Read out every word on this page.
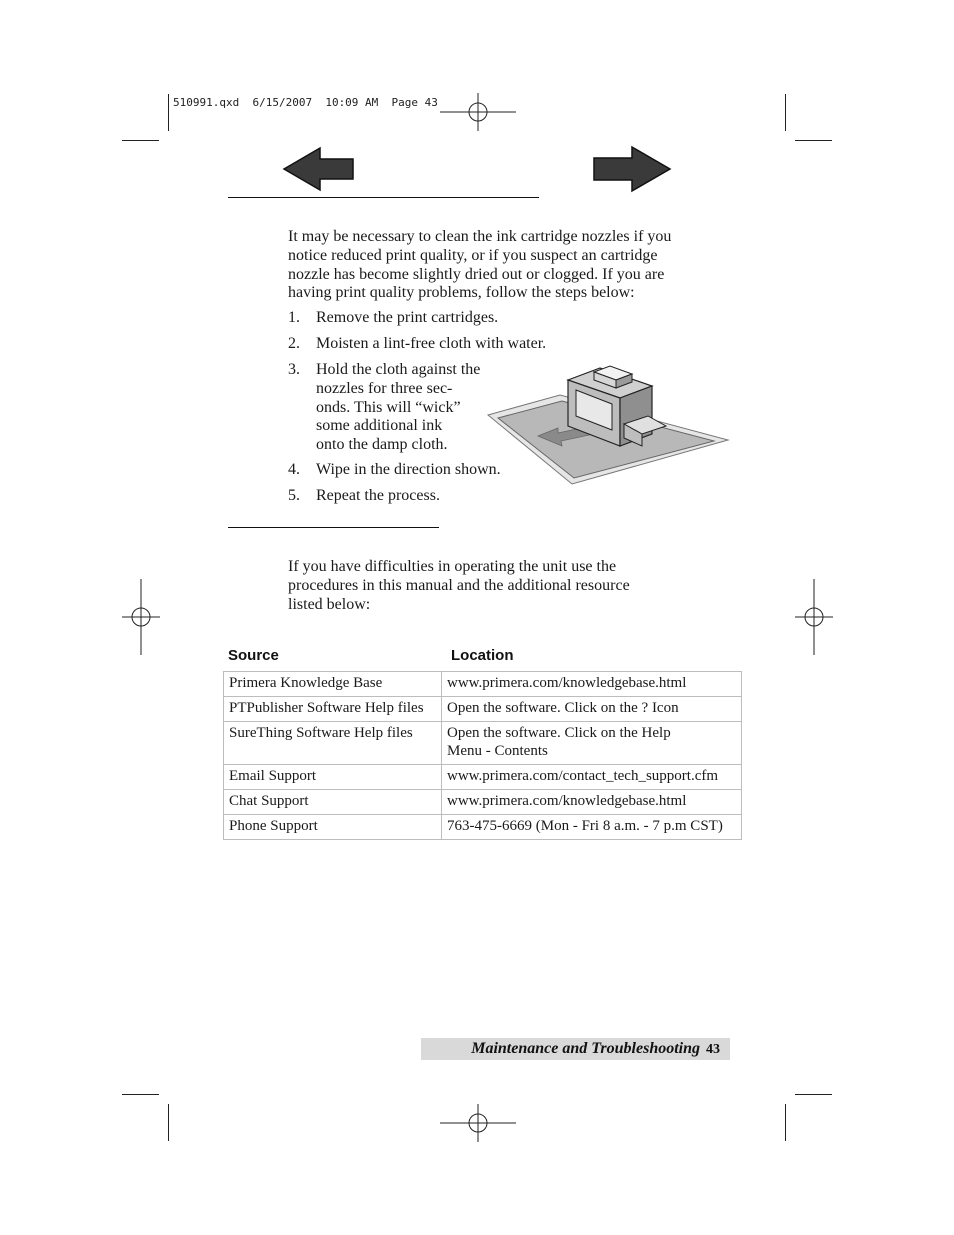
510991.qxd  6/15/2007  10:09 AM  Page 43
It may be necessary to clean the ink cartridge nozzles if you
notice reduced print quality, or if you suspect an cartridge
nozzle has become slightly dried out or clogged. If you are
having print quality problems, follow the steps below:
1. Remove the print cartridges.
2. Moisten a lint-free cloth with water.
3. Hold the cloth against the
nozzles for three sec-
onds. This will “wick”
some additional ink
onto the damp cloth.
4. Wipe in the direction shown.
5. Repeat the process.
If you have difficulties in operating the unit use the
procedures in this manual and the additional resource
listed below:
Source	Location
Primera Knowledge Base	www.primera.com/knowledgebase.html
PTPublisher Software Help files	Open the software. Click on the ? Icon
SureThing Software Help files	Open the software. Click on the Help Menu - Contents
Email Support	www.primera.com/contact_tech_support.cfm
Chat Support	www.primera.com/knowledgebase.html
Phone Support	763-475-6669 (Mon - Fri 8 a.m. - 7 p.m CST)
Maintenance and Troubleshooting 43
